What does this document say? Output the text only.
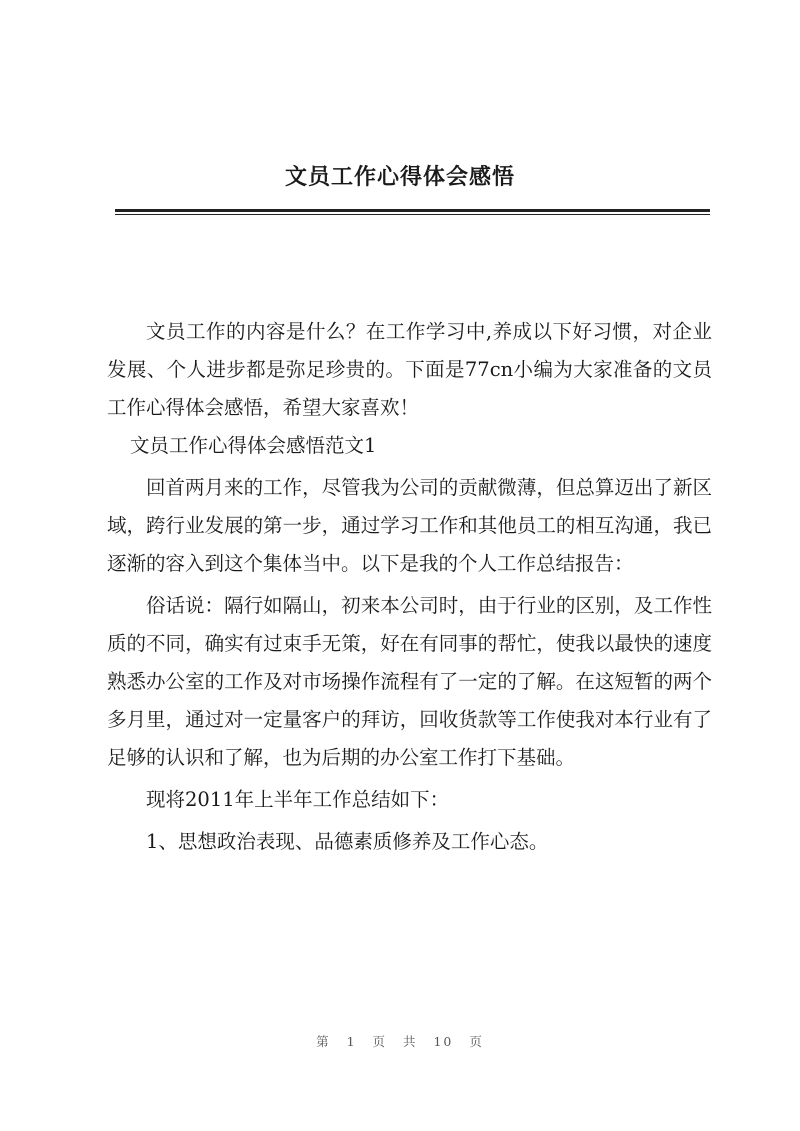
文员工作心得体会感悟

文员工作的内容是什么？在工作学习中,养成以下好习惯，对企业发展、个人进步都是弥足珍贵的。下面是77cn小编为大家准备的文员工作心得体会感悟，希望大家喜欢！

文员工作心得体会感悟范文1

回首两月来的工作，尽管我为公司的贡献微薄，但总算迈出了新区域，跨行业发展的第一步，通过学习工作和其他员工的相互沟通，我已逐渐的容入到这个集体当中。以下是我的个人工作总结报告：

俗话说：隔行如隔山，初来本公司时，由于行业的区别，及工作性质的不同，确实有过束手无策，好在有同事的帮忙，使我以最快的速度熟悉办公室的工作及对市场操作流程有了一定的了解。在这短暂的两个多月里，通过对一定量客户的拜访，回收货款等工作使我对本行业有了足够的认识和了解，也为后期的办公室工作打下基础。

现将2011年上半年工作总结如下：

1、思想政治表现、品德素质修养及工作心态。

第 1 页 共 10 页
